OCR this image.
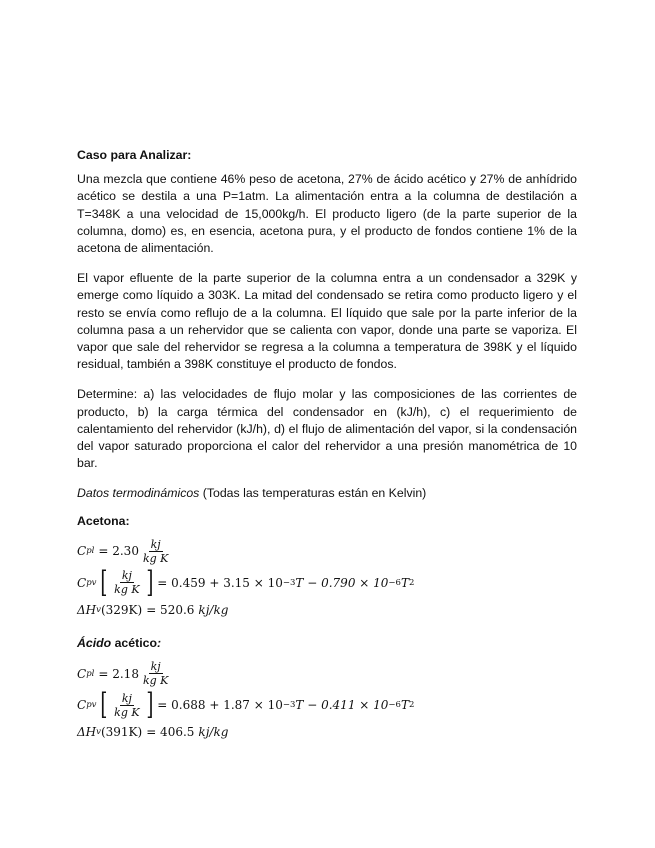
Caso para Analizar:
Una mezcla que contiene 46% peso de acetona, 27% de ácido acético y 27% de anhídrido acético se destila a una P=1atm. La alimentación entra a la columna de destilación a T=348K a una velocidad de 15,000kg/h. El producto ligero (de la parte superior de la columna, domo) es, en esencia, acetona pura, y el producto de fondos contiene 1% de la acetona de alimentación.
El vapor efluente de la parte superior de la columna entra a un condensador a 329K y emerge como líquido a 303K. La mitad del condensado se retira como producto ligero y el resto se envía como reflujo de a la columna. El líquido que sale por la parte inferior de la columna pasa a un rehervidor que se calienta con vapor, donde una parte se vaporiza. El vapor que sale del rehervidor se regresa a la columna a temperatura de 398K y el líquido residual, también a 398K constituye el producto de fondos.
Determine: a) las velocidades de flujo molar y las composiciones de las corrientes de producto, b) la carga térmica del condensador en (kJ/h), c) el requerimiento de calentamiento del rehervidor (kJ/h), d) el flujo de alimentación del vapor, si la condensación del vapor saturado proporciona el calor del rehervidor a una presión manométrica de 10 bar.
Datos termodinámicos (Todas las temperaturas están en Kelvin)
Acetona:
C pl = $2.30 \frac{kj}{\text{kg K}}$
C pv [ $\frac{kj}{\text{kg K}}$ ] = 0.459 + 3.15 × 10 −3 T − 0.790 × 10 −6 T 2
ΔH v (329K) = 520.6 kj/kg
Ácido acético:
C pl = $2.18 \frac{kj}{\text{kg K}}$
C pv [ $\frac{kj}{\text{kg K}}$ ] = 0.688 + 1.87 × 10 −3 T − 0.411 × 10 −6 T 2
ΔH v (391K) = 406.5 kj/kg
